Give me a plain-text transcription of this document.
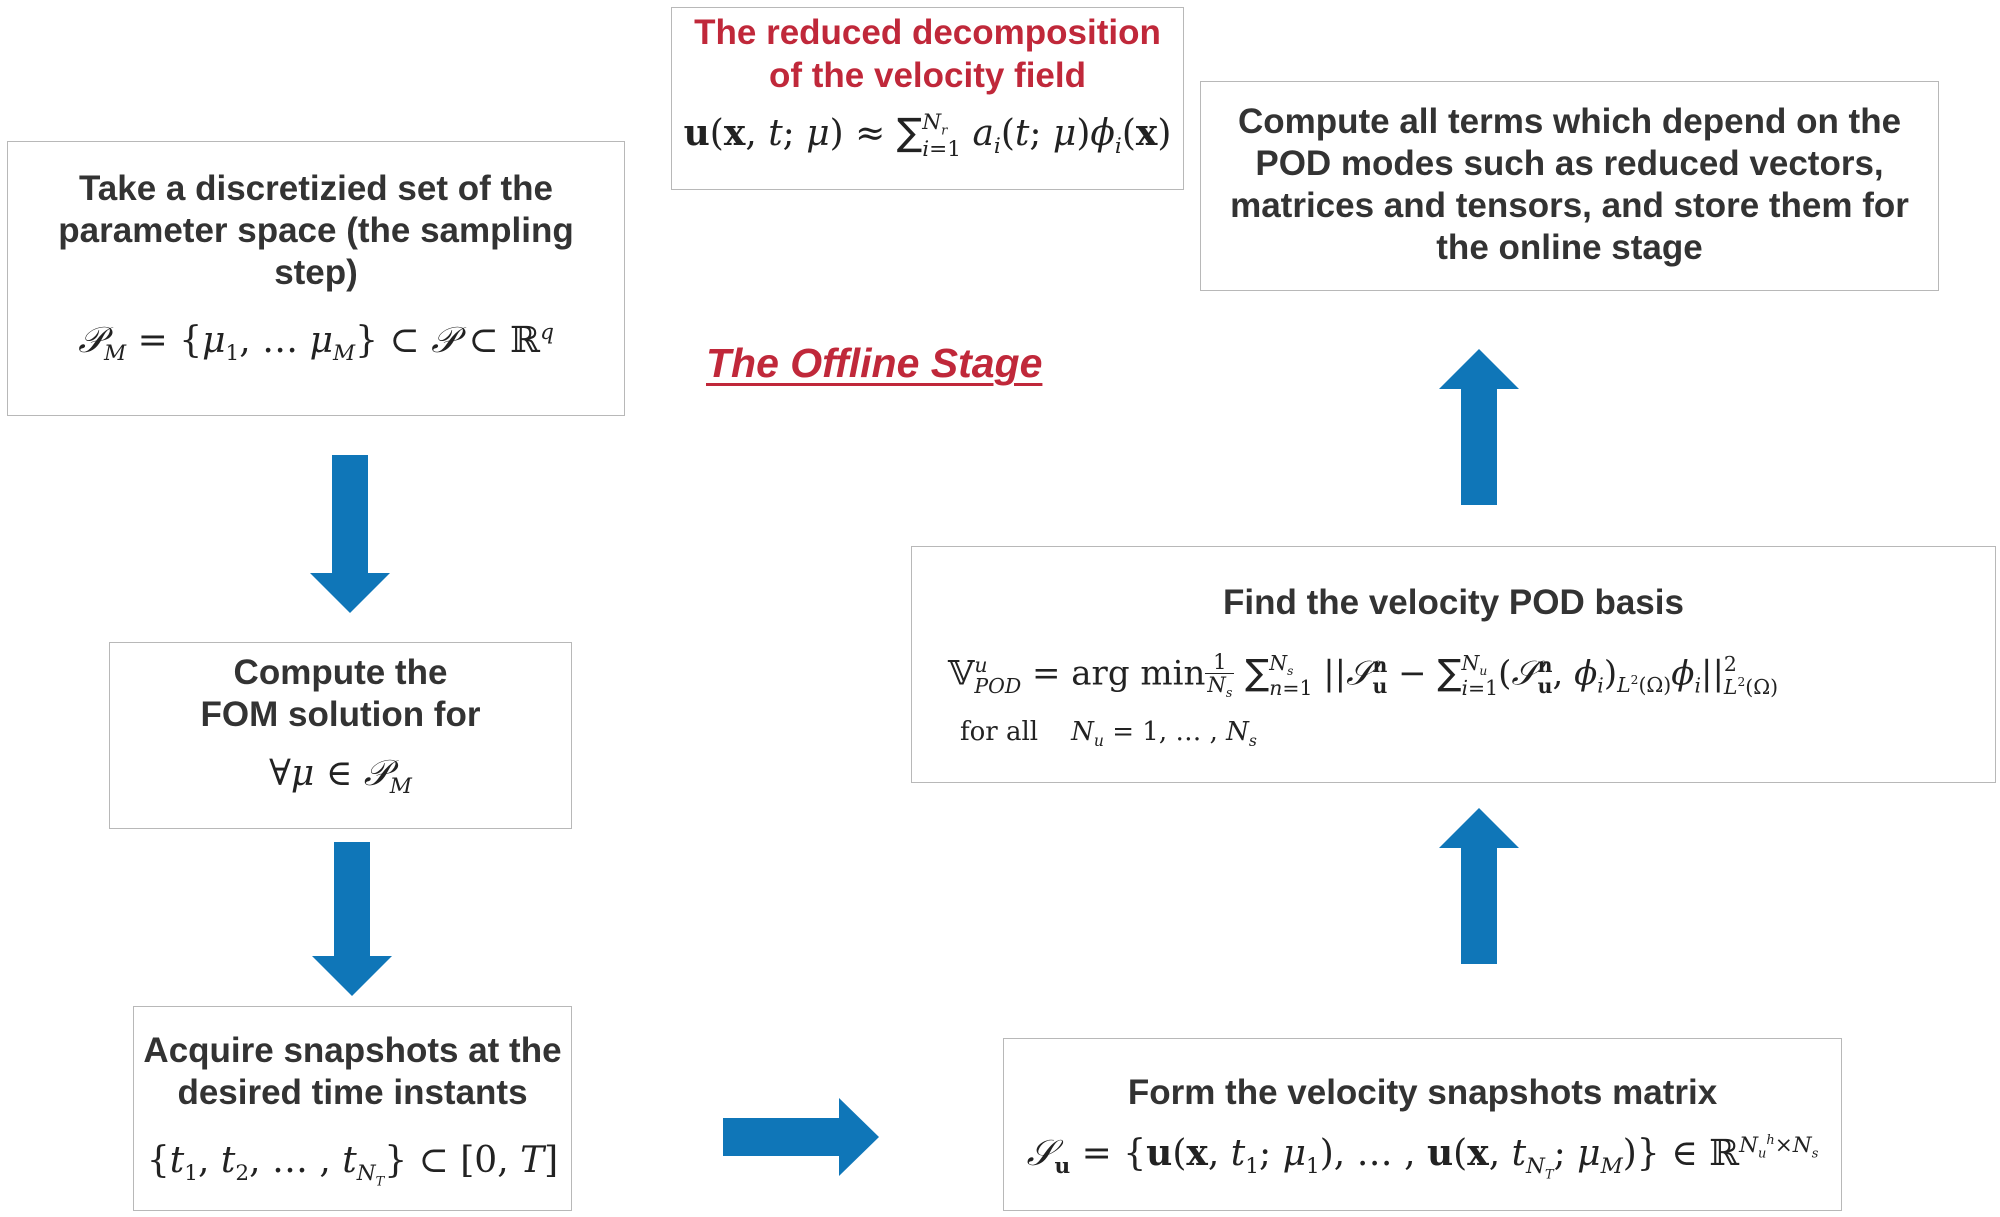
The Offline Stage
The reduced decomposition
of the velocity field
u(x, t; μ) ≈ ∑ $N_r$
i=1 $a_i(t$; $\mu)\phi_i(x)$
Take a discretizied set of the
parameter space (the sampling
step)
𝒫$_M$ = {$\mu_1$, … $\mu_M$} ⊂ 𝒫 ⊂ ℝ$^q$
Compute all terms which depend on the
POD modes such as reduced vectors,
matrices and tensors, and store them for
the online stage
Compute the
FOM solution for
∀μ ∈ 𝒫$_M$
Find the velocity POD basis
𝕍 u
POD = arg $\min \frac{1}{N_s}$ ∑ $N_s$
n=1 ||𝒮 n
u − ∑ $N_u$
i=1 (𝒮 n
u , $\phi_i)_{L^2(\Omega)}\phi_i||$ 2
$L^2(\Omega)$
for all $N_u = 1$, … , $N_s$
Acquire snapshots at the
desired time instants
{$t_1$, $t_2$, … , $t_{N_T}$} ⊂ [0, T]
Form the velocity snapshots matrix
𝒮$_u$ = {u(x, $t_1$; $\mu_1$), … , u(x, $t_{N_T}$; $\mu_M$)} ∈ ℝ$^{N_u^h\times N_s}$
